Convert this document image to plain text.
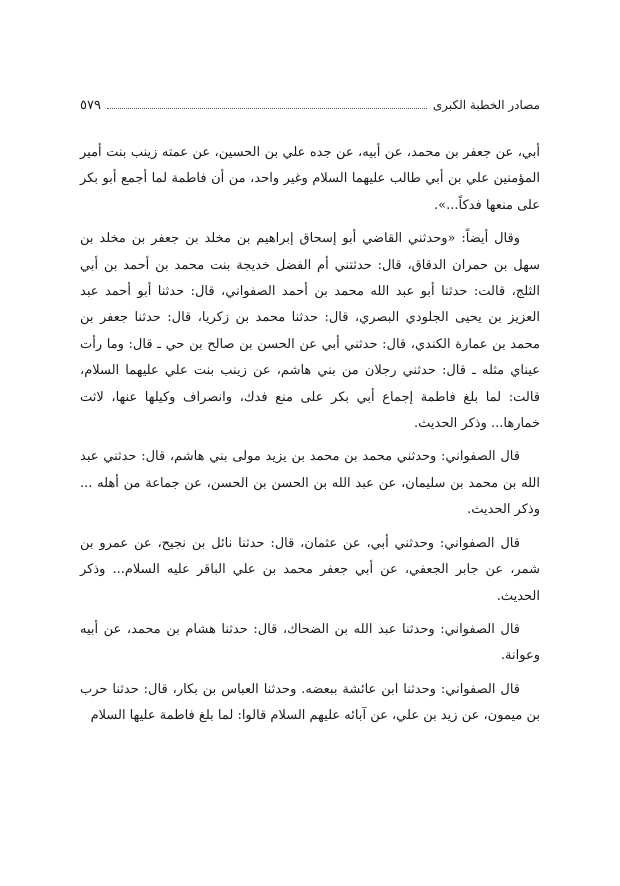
مصادر الخطبة الكبرى
٥٧٩

أبي، عن جعفر بن محمد، عن أبيه، عن جده علي بن الحسين، عن عمته زينب بنت أمير المؤمنين علي بن أبي طالب عليهما السلام وغير واحد، من أن فاطمة لما أجمع أبو بكر على منعها فدكاً...».

وقال أيضاً: «وحدثني القاضي أبو إسحاق إبراهيم بن مخلد بن جعفر بن مخلد بن سهل بن حمران الدقاق، قال: حدثتني أم الفضل خديجة بنت محمد بن أحمد بن أبي الثلج، قالت: حدثنا أبو عبد الله محمد بن أحمد الصفواني، قال: حدثنا أبو أحمد عبد العزيز بن يحيى الجلودي البصري، قال: حدثنا محمد بن زكريا، قال: حدثنا جعفر بن محمد بن عمارة الكندي، قال: حدثني أبي عن الحسن بن صالح بن حي ـ قال: وما رأت عيناي مثله ـ قال: حدثني رجلان من بني هاشم، عن زينب بنت علي عليهما السلام، قالت: لما بلغ فاطمة إجماع أبي بكر على منع فدك، وانصراف وكيلها عنها، لاثت خمارها... وذكر الحديث.

قال الصفواني: وحدثني محمد بن محمد بن يزيد مولى بني هاشم، قال: حدثني عبد الله بن محمد بن سليمان، عن عبد الله بن الحسن بن الحسن، عن جماعة من أهله ... وذكر الحديث.

قال الصفواني: وحدثني أبي، عن عثمان، قال: حدثنا نائل بن نجيح، عن عمرو بن شمر، عن جابر الجعفي، عن أبي جعفر محمد بن علي الباقر عليه السلام... وذكر الحديث.

قال الصفواني: وحدثنا عبد الله بن الضحاك، قال: حدثنا هشام بن محمد، عن أبيه وعوانة.

قال الصفواني: وحدثنا ابن عائشة ببعضه. وحدثنا العباس بن بكار، قال: حدثنا حرب بن ميمون، عن زيد بن علي، عن آبائه عليهم السلام قالوا: لما بلغ فاطمة عليها السلام
